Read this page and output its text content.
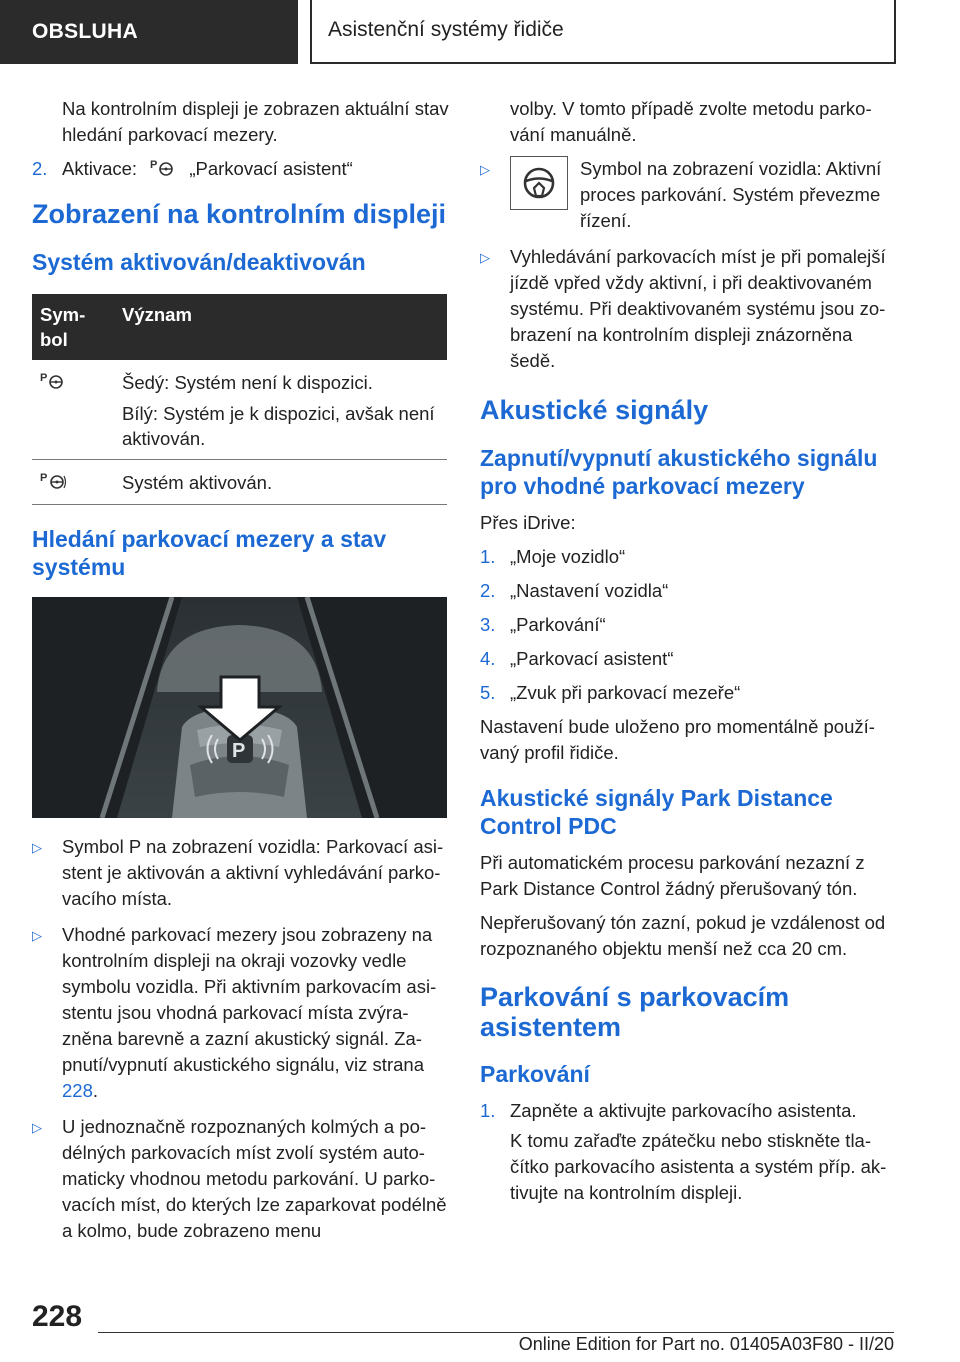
OBSLUHA	Asistenční systémy řidiče

Na kontrolním displeji je zobrazen aktuální stav hledání parkovací mezery.

2. Aktivace: P „Parkovací asistent“
Zobrazení na kontrolním displeji
Systém aktivován/deaktivován
Sym- bol	Význam

P	Šedý: Systém není k dispozici.
Bílý: Systém je k dispozici, avšak není aktivován.

P	Systém aktivován.
Hledání parkovací mezery a stav systému
P
▷	Symbol P na zobrazení vozidla: Parkovací asi- stent je aktivován a aktivní vyhledávání parko- vacího místa.
▷	Vhodné parkovací mezery jsou zobrazeny na kontrolním displeji na okraji vozovky vedle symbolu vozidla. Při aktivním parkovacím asi- stentu jsou vhodná parkovací místa zvýra- zněna barevně a zazní akustický signál. Za- pnutí/vypnutí akustického signálu, viz strana 228.
▷	U jednoznačně rozpoznaných kolmých a po- délných parkovacích míst zvolí systém auto- maticky vhodnou metodu parkování. U parko- vacích míst, do kterých lze zaparkovat podélně a kolmo, bude zobrazeno menu

volby. V tomto případě zvolte metodu parko- vání manuálně.

▷	Symbol na zobrazení vozidla: Aktivní proces parkování. Systém převezme řízení.
▷	Vyhledávání parkovacích míst je při pomalejší jízdě vpřed vždy aktivní, i při deaktivovaném systému. Při deaktivovaném systému jsou zo- brazení na kontrolním displeji znázorněna šedě.
Akustické signály
Zapnutí/vypnutí akustického signálu pro vhodné parkovací mezery

Přes iDrive:

1. „Moje vozidlo“
2. „Nastavení vozidla“
3. „Parkování“
4. „Parkovací asistent“
5. „Zvuk při parkovací mezeře“

Nastavení bude uloženo pro momentálně použí- vaný profil řidiče.

Akustické signály Park Distance Control PDC

Při automatickém procesu parkování nezazní z Park Distance Control žádný přerušovaný tón.

Nepřerušovaný tón zazní, pokud je vzdálenost od rozpoznaného objektu menší než cca 20 cm.

Parkování s parkovacím asistentem
Parkování
1. Zapněte a aktivujte parkovacího asistenta.

K tomu zařaďte zpátečku nebo stiskněte tla- čítko parkovacího asistenta a systém příp. ak- tivujte na kontrolním displeji.

228
Online Edition for Part no. 01405A03F80 - II/20
